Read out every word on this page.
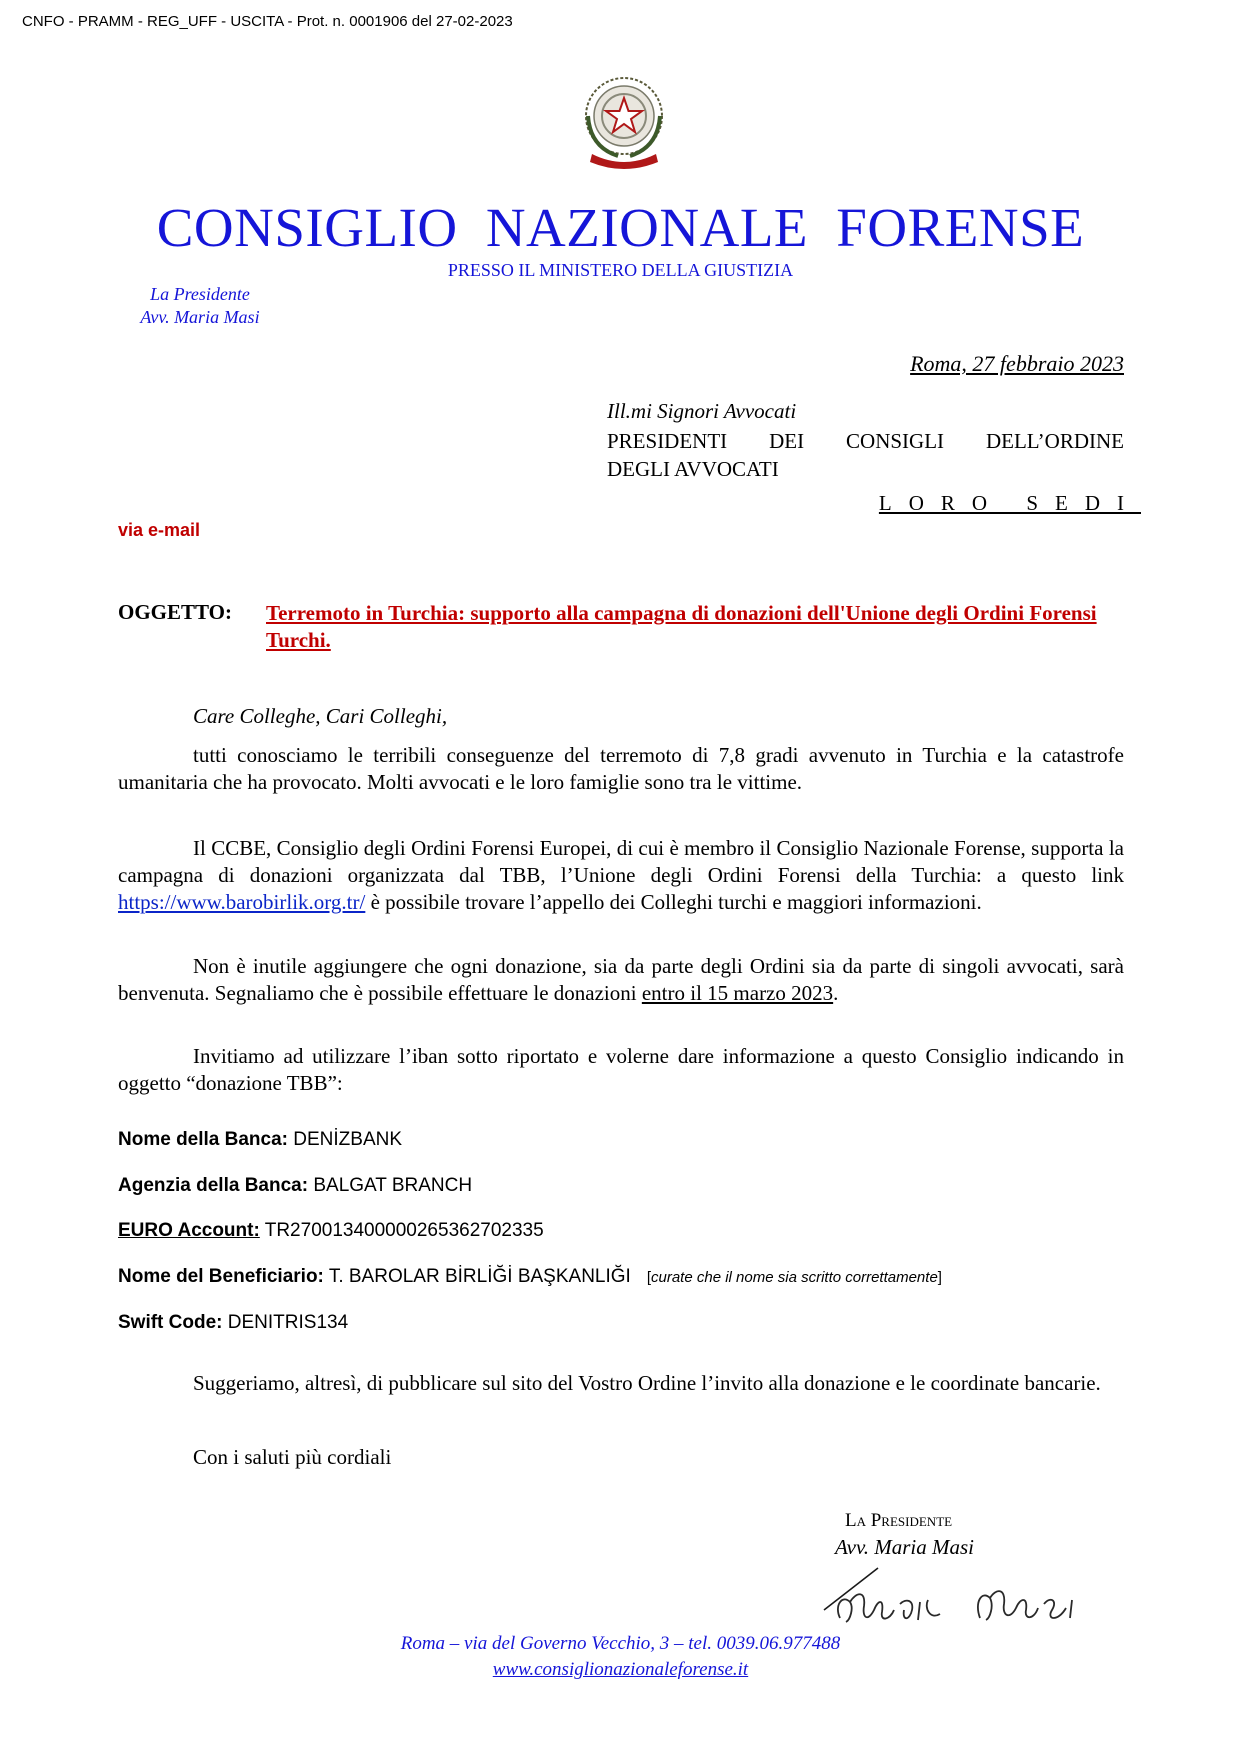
CNFO - PRAMM - REG_UFF - USCITA - Prot. n. 0001906 del 27-02-2023
CONSIGLIO NAZIONALE FORENSE
PRESSO IL MINISTERO DELLA GIUSTIZIA
La Presidente
Avv. Maria Masi
Roma, 27 febbraio 2023
Ill.mi Signori Avvocati
PRESIDENTI DEI CONSIGLI DELL’ORDINE
DEGLI AVVOCATI
LORO SEDI
via e-mail
OGGETTO: Terremoto in Turchia: supporto alla campagna di donazioni dell'Unione degli Ordini Forensi Turchi.
Care Colleghe, Cari Colleghi,
tutti conosciamo le terribili conseguenze del terremoto di 7,8 gradi avvenuto in Turchia e la catastrofe umanitaria che ha provocato. Molti avvocati e le loro famiglie sono tra le vittime.
Il CCBE, Consiglio degli Ordini Forensi Europei, di cui è membro il Consiglio Nazionale Forense, supporta la campagna di donazioni organizzata dal TBB, l’Unione degli Ordini Forensi della Turchia: a questo link https://www.barobirlik.org.tr/ è possibile trovare l’appello dei Colleghi turchi e maggiori informazioni.
Non è inutile aggiungere che ogni donazione, sia da parte degli Ordini sia da parte di singoli avvocati, sarà benvenuta. Segnaliamo che è possibile effettuare le donazioni entro il 15 marzo 2023.
Invitiamo ad utilizzare l’iban sotto riportato e volerne dare informazione a questo Consiglio indicando in oggetto “donazione TBB”:
Nome della Banca: DENİZBANK
Agenzia della Banca: BALGAT BRANCH
EURO Account: TR270013400000265362702335
Nome del Beneficiario: T. BAROLAR BİRLİĞİ BAŞKANLIĞI [curate che il nome sia scritto correttamente]
Swift Code: DENITRIS134
Suggeriamo, altresì, di pubblicare sul sito del Vostro Ordine l’invito alla donazione e le coordinate bancarie.
Con i saluti più cordiali
La Presidente
Avv. Maria Masi
Roma – via del Governo Vecchio, 3 – tel. 0039.06.977488
www.consiglionazionaleforense.it
